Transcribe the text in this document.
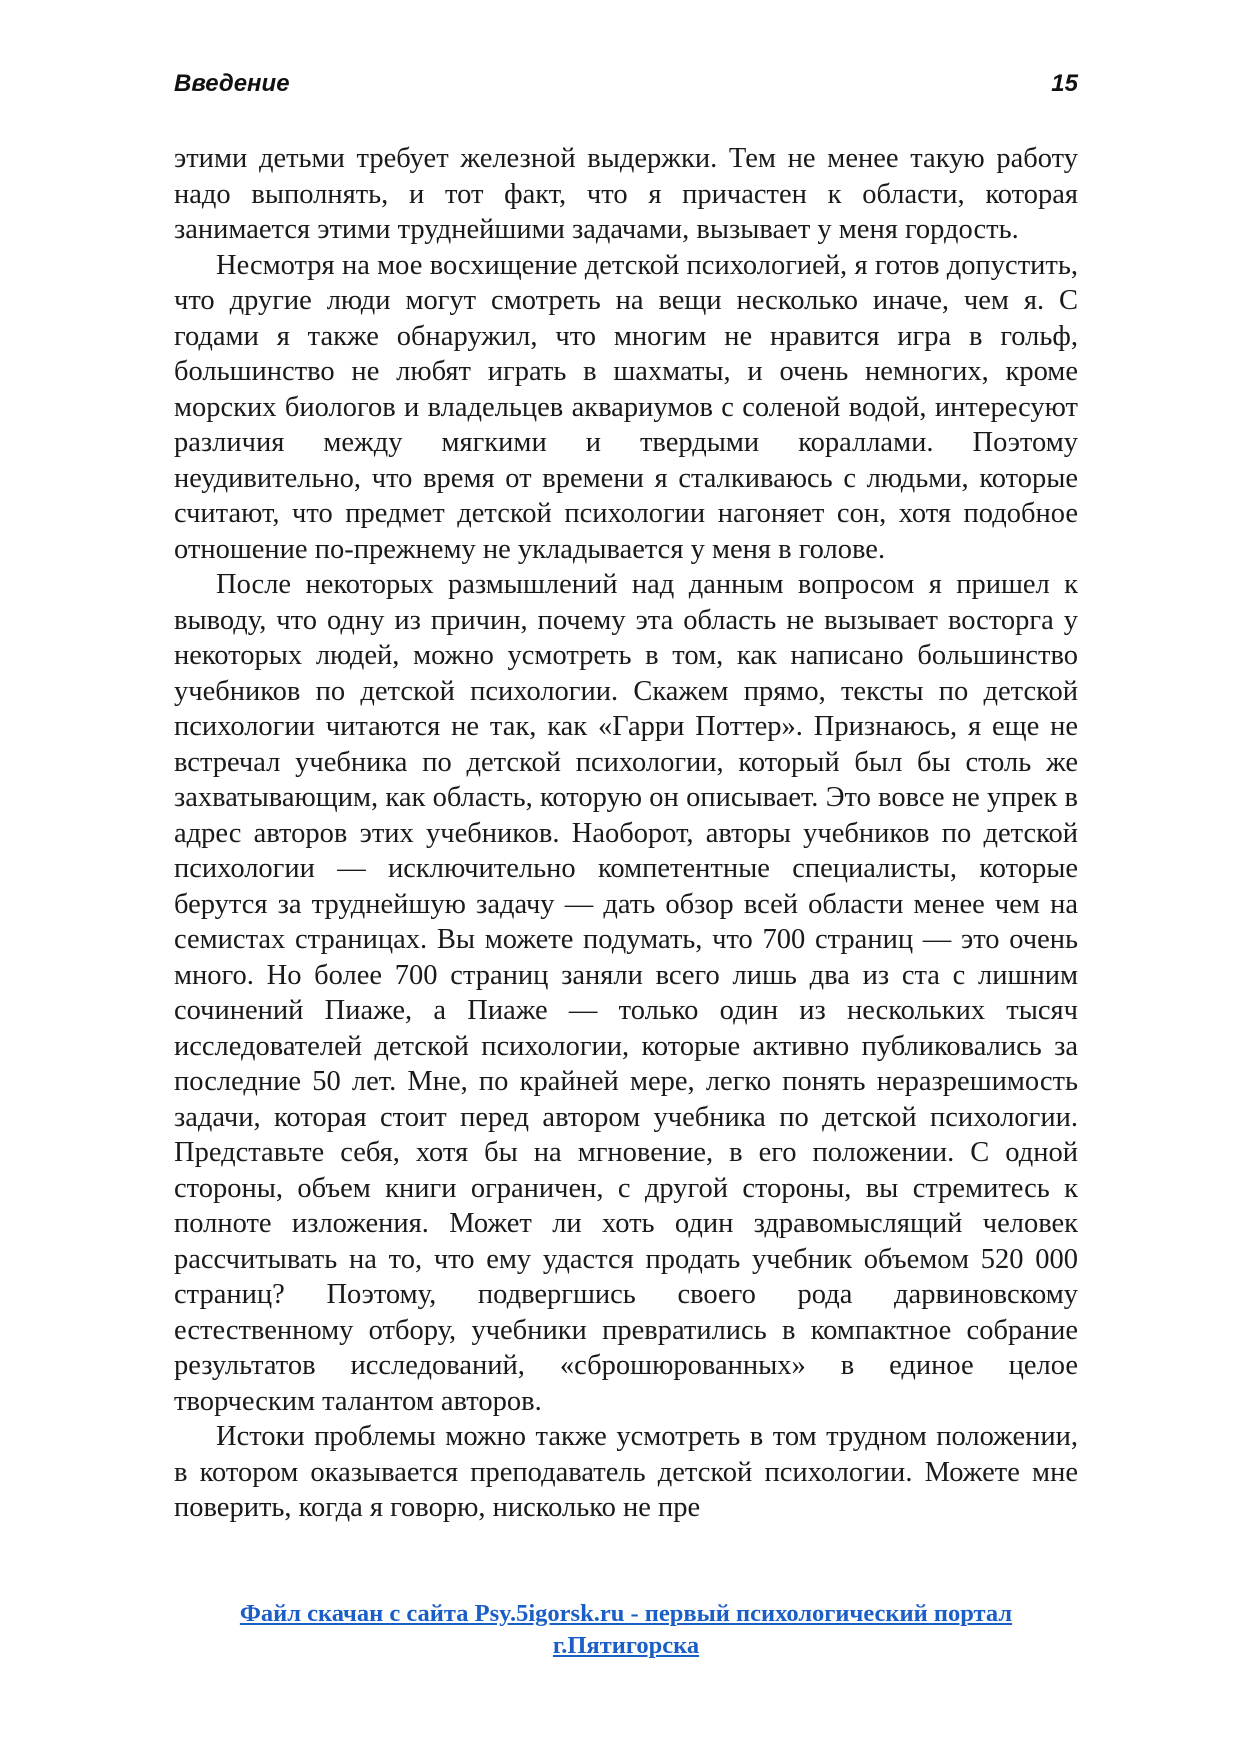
Введение	15

этими детьми требует железной выдержки. Тем не менее такую работу надо выполнять, и тот факт, что я причастен к области, которая занимается этими труднейшими задачами, вызывает у меня гордость.

Несмотря на мое восхищение детской психологией, я готов допустить, что другие люди могут смотреть на вещи несколько иначе, чем я. С годами я также обнаружил, что многим не нравится игра в гольф, большинство не любят играть в шахматы, и очень немногих, кроме морских биологов и владельцев аквариумов с соленой водой, интересуют различия между мягкими и твердыми кораллами. Поэтому неудивительно, что время от времени я сталкиваюсь с людьми, которые считают, что предмет детской психологии нагоняет сон, хотя подобное отношение по-прежнему не укладывается у меня в голове.

После некоторых размышлений над данным вопросом я пришел к выводу, что одну из причин, почему эта область не вызывает восторга у некоторых людей, можно усмотреть в том, как написано большинство учебников по детской психологии. Скажем прямо, тексты по детской психологии читаются не так, как «Гарри Поттер». Признаюсь, я еще не встречал учебника по детской психологии, который был бы столь же захватывающим, как область, которую он описывает. Это вовсе не упрек в адрес авторов этих учебников. Наоборот, авторы учебников по детской психологии — исключительно компетентные специалисты, которые берутся за труднейшую задачу — дать обзор всей области менее чем на семистах страницах. Вы можете подумать, что 700 страниц — это очень много. Но более 700 страниц заняли всего лишь два из ста с лишним сочинений Пиаже, а Пиаже — только один из нескольких тысяч исследователей детской психологии, которые активно публиковались за последние 50 лет. Мне, по крайней мере, легко понять неразрешимость задачи, которая стоит перед автором учебника по детской психологии. Представьте себя, хотя бы на мгновение, в его положении. С одной стороны, объем книги ограничен, с другой стороны, вы стремитесь к полноте изложения. Может ли хоть один здравомыслящий человек рассчитывать на то, что ему удастся продать учебник объемом 520 000 страниц? Поэтому, подвергшись своего рода дарвиновскому естественному отбору, учебники превратились в компактное собрание результатов исследований, «сброшюрованных» в единое целое творческим талантом авторов.

Истоки проблемы можно также усмотреть в том трудном положении, в котором оказывается преподаватель детской психологии. Можете мне поверить, когда я говорю, нисколько не пре

Файл скачан с сайта Psy.5igorsk.ru - первый психологический портал
г.Пятигорска
